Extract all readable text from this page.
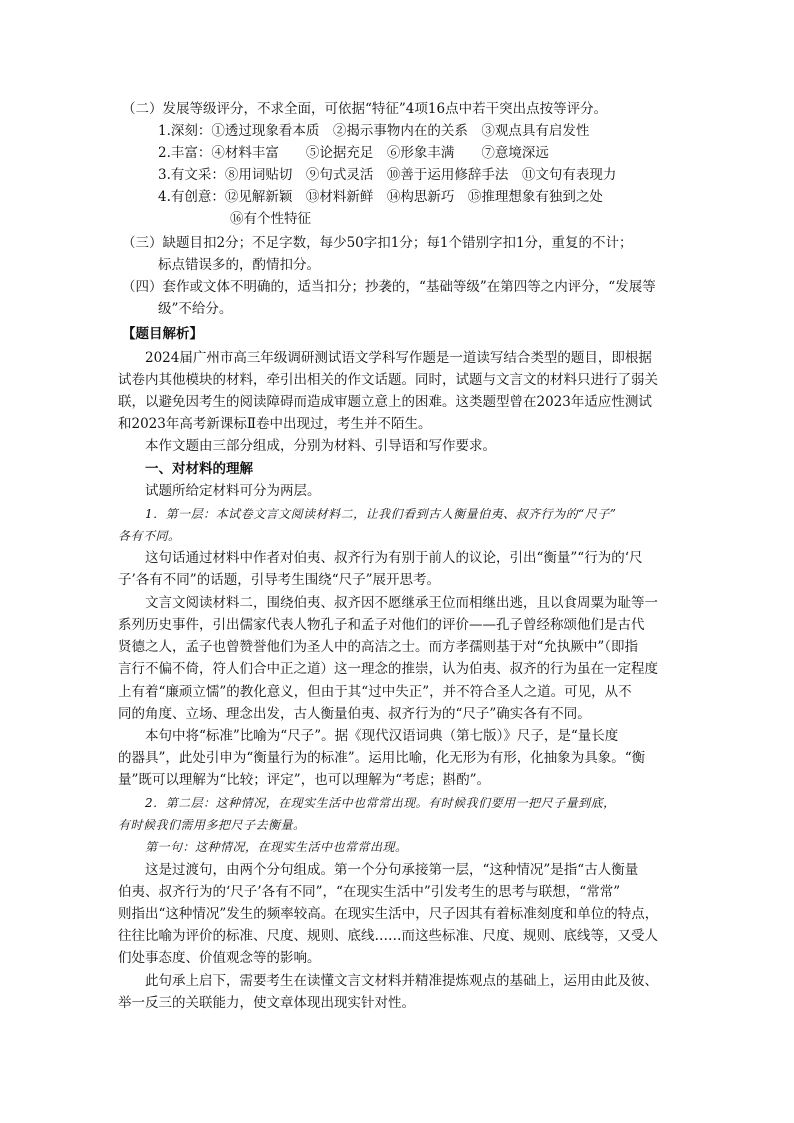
（二）发展等级评分，不求全面，可依据“特征”4项16点中若干突出点按等评分。
1.深刻：①透过现象看本质　②揭示事物内在的关系　③观点具有启发性
2.丰富：④材料丰富　　⑤论据充足　⑥形象丰满　　⑦意境深远
3.有文采：⑧用词贴切　⑨句式灵活　⑩善于运用修辞手法　⑪文句有表现力
4.有创意：⑫见解新颖　⑬材料新鲜　⑭构思新巧　⑮推理想象有独到之处
⑯有个性特征
（三）缺题目扣2分；不足字数，每少50字扣1分；每1个错别字扣1分，重复的不计；
标点错误多的，酌情扣分。
（四）套作或文体不明确的，适当扣分；抄袭的，“基础等级”在第四等之内评分，“发展等
级”不给分。
【题目解析】
2024届广州市高三年级调研测试语文学科写作题是一道读写结合类型的题目，即根据
试卷内其他模块的材料，牵引出相关的作文话题。同时，试题与文言文的材料只进行了弱关
联，以避免因考生的阅读障碍而造成审题立意上的困难。这类题型曾在2023年适应性测试
和2023年高考新课标Ⅱ卷中出现过，考生并不陌生。
本作文题由三部分组成，分别为材料、引导语和写作要求。
一、对材料的理解
试题所给定材料可分为两层。
1．第一层：本试卷文言文阅读材料二，让我们看到古人衡量伯夷、叔齐行为的“尺子”
各有不同。
这句话通过材料中作者对伯夷、叔齐行为有别于前人的议论，引出“衡量”“行为的‘尺
子’各有不同”的话题，引导考生围绕“尺子”展开思考。
文言文阅读材料二，围绕伯夷、叔齐因不愿继承王位而相继出逃，且以食周粟为耻等一
系列历史事件，引出儒家代表人物孔子和孟子对他们的评价——孔子曾经称颂他们是古代
贤德之人，孟子也曾赞誉他们为圣人中的高洁之士。而方孝孺则基于对“允执厥中”（即指
言行不偏不倚，符人们合中正之道）这一理念的推崇，认为伯夷、叔齐的行为虽在一定程度
上有着“廉顽立懦”的教化意义，但由于其“过中失正”，并不符合圣人之道。可见，从不
同的角度、立场、理念出发，古人衡量伯夷、叔齐行为的“尺子”确实各有不同。
本句中将“标准”比喻为“尺子”。据《现代汉语词典（第七版）》尺子，是“量长度
的器具”，此处引申为“衡量行为的标准”。运用比喻，化无形为有形，化抽象为具象。“衡
量”既可以理解为“比较；评定”，也可以理解为“考虑；斟酌”。
2．第二层：这种情况，在现实生活中也常常出现。有时候我们要用一把尺子量到底，
有时候我们需用多把尺子去衡量。
第一句：这种情况，在现实生活中也常常出现。
这是过渡句，由两个分句组成。第一个分句承接第一层，“这种情况”是指“古人衡量
伯夷、叔齐行为的‘尺子’各有不同”，“在现实生活中”引发考生的思考与联想，“常常”
则指出“这种情况”发生的频率较高。在现实生活中，尺子因其有着标准刻度和单位的特点，
往往比喻为评价的标准、尺度、规则、底线……而这些标准、尺度、规则、底线等，又受人
们处事态度、价值观念等的影响。
此句承上启下，需要考生在读懂文言文材料并精准提炼观点的基础上，运用由此及彼、
举一反三的关联能力，使文章体现出现实针对性。
